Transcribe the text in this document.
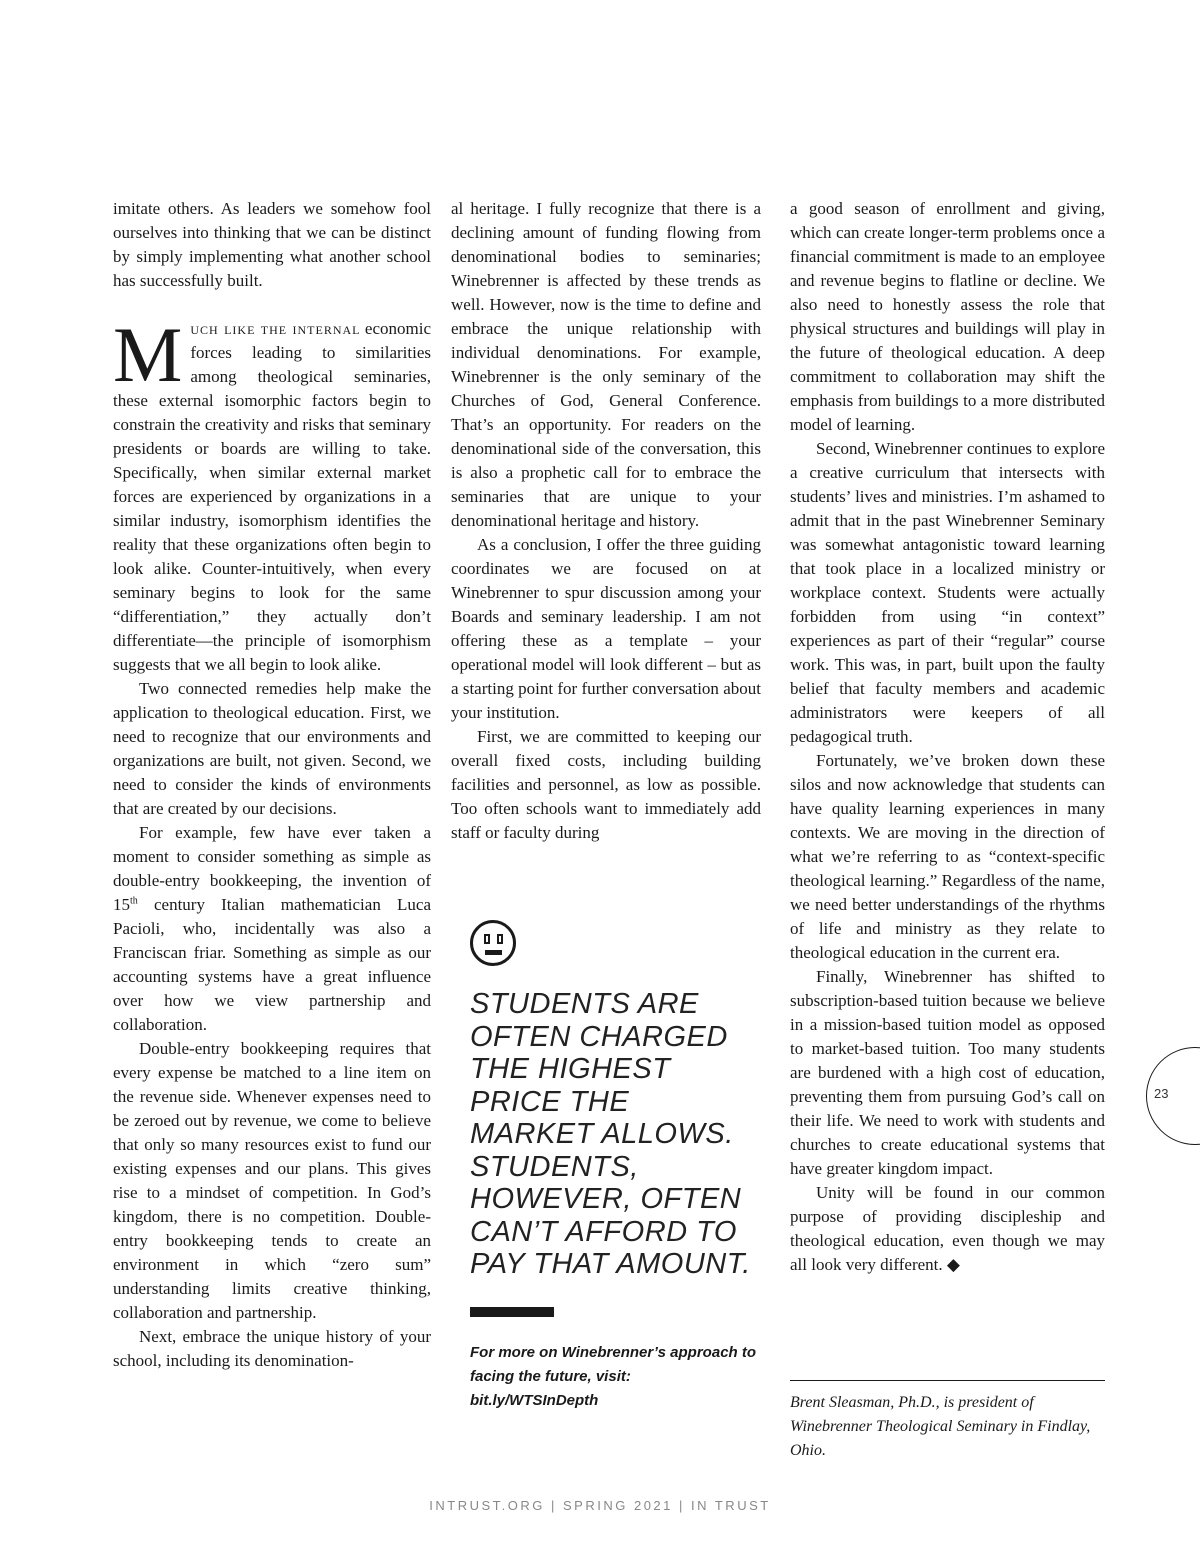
imitate others. As leaders we somehow fool ourselves into thinking that we can be distinct by simply implementing what another school has successfully built.

Much like the internal economic forces leading to similarities among theological seminaries, these external isomorphic factors begin to constrain the creativity and risks that seminary presidents or boards are willing to take. Specifically, when similar external market forces are experienced by organizations in a similar industry, isomorphism identifies the reality that these organizations often begin to look alike. Counter-intuitively, when every seminary begins to look for the same “differentiation,” they actually don’t differentiate—the principle of isomorphism suggests that we all begin to look alike.

Two connected remedies help make the application to theological education. First, we need to recognize that our environments and organizations are built, not given. Second, we need to consider the kinds of environments that are created by our decisions.

For example, few have ever taken a moment to consider something as simple as double-entry bookkeeping, the invention of 15th century Italian mathematician Luca Pacioli, who, incidentally was also a Franciscan friar. Something as simple as our accounting systems have a great influence over how we view partnership and collaboration.

Double-entry bookkeeping requires that every expense be matched to a line item on the revenue side. Whenever expenses need to be zeroed out by revenue, we come to believe that only so many resources exist to fund our existing expenses and our plans. This gives rise to a mindset of competition. In God’s kingdom, there is no competition. Double-entry bookkeeping tends to create an environment in which “zero sum” understanding limits creative thinking, collaboration and partnership.

Next, embrace the unique history of your school, including its denomination-

al heritage. I fully recognize that there is a declining amount of funding flowing from denominational bodies to seminaries; Winebrenner is affected by these trends as well. However, now is the time to define and embrace the unique relationship with individual denominations. For example, Winebrenner is the only seminary of the Churches of God, General Conference. That’s an opportunity. For readers on the denominational side of the conversation, this is also a prophetic call for to embrace the seminaries that are unique to your denominational heritage and history.

As a conclusion, I offer the three guiding coordinates we are focused on at Winebrenner to spur discussion among your Boards and seminary leadership. I am not offering these as a template – your operational model will look different – but as a starting point for further conversation about your institution.

First, we are committed to keeping our overall fixed costs, including building facilities and personnel, as low as possible. Too often schools want to immediately add staff or faculty during

STUDENTS ARE OFTEN CHARGED THE HIGHEST PRICE THE MARKET ALLOWS. STUDENTS, HOWEVER, OFTEN CAN’T AFFORD TO PAY THAT AMOUNT.
For more on Winebrenner’s approach to facing the future, visit: bit.ly/WTSInDepth

a good season of enrollment and giving, which can create longer-term problems once a financial commitment is made to an employee and revenue begins to flatline or decline. We also need to honestly assess the role that physical structures and buildings will play in the future of theological education. A deep commitment to collaboration may shift the emphasis from buildings to a more distributed model of learning.

Second, Winebrenner continues to explore a creative curriculum that intersects with students’ lives and ministries. I’m ashamed to admit that in the past Winebrenner Seminary was somewhat antagonistic toward learning that took place in a localized ministry or workplace context. Students were actually forbidden from using “in context” experiences as part of their “regular” course work. This was, in part, built upon the faulty belief that faculty members and academic administrators were keepers of all pedagogical truth.

Fortunately, we’ve broken down these silos and now acknowledge that students can have quality learning experiences in many contexts. We are moving in the direction of what we’re referring to as “context-specific theological learning.” Regardless of the name, we need better understandings of the rhythms of life and ministry as they relate to theological education in the current era.

Finally, Winebrenner has shifted to subscription-based tuition because we believe in a mission-based tuition model as opposed to market-based tuition. Too many students are burdened with a high cost of education, preventing them from pursuing God’s call on their life. We need to work with students and churches to create educational systems that have greater kingdom impact.

Unity will be found in our common purpose of providing discipleship and theological education, even though we may all look very different. ◆

Brent Sleasman, Ph.D., is president of Winebrenner Theological Seminary in Findlay, Ohio.
23
INTRUST.ORG | SPRING 2021 | IN TRUST
